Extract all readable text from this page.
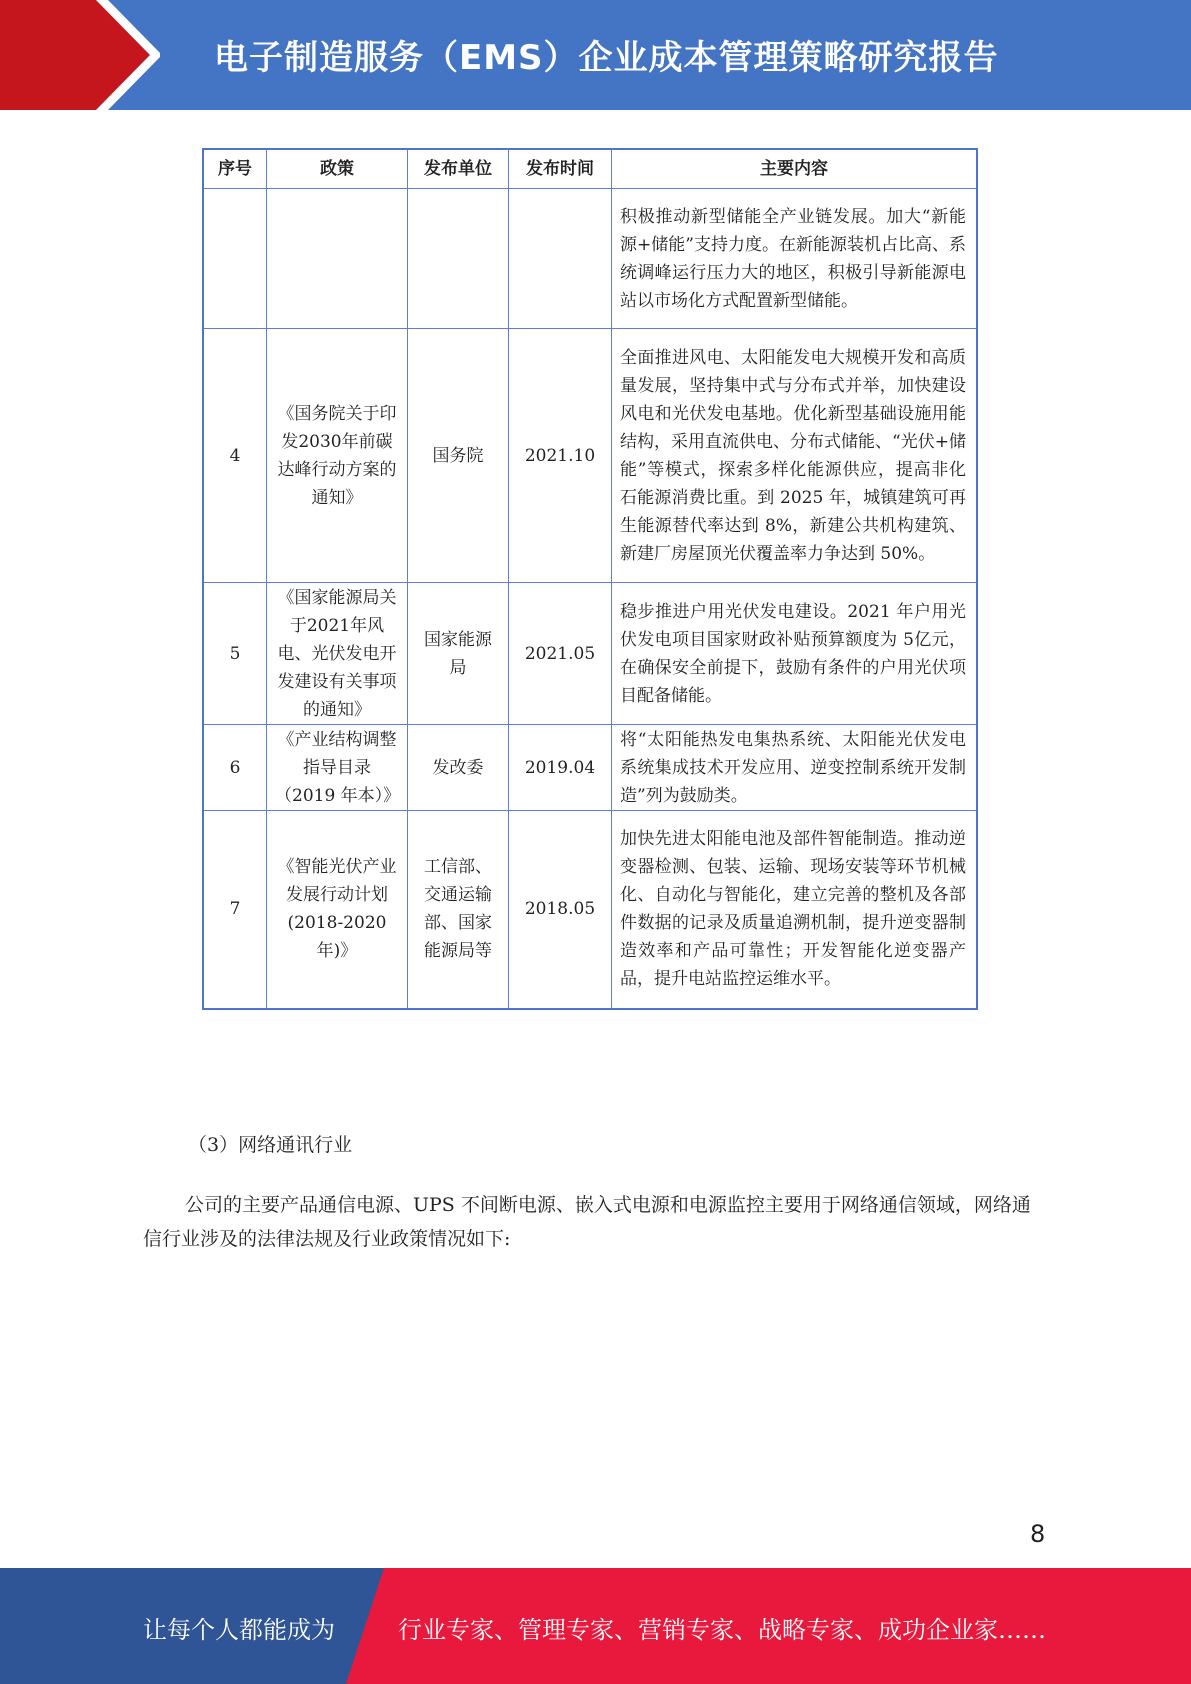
电子制造服务（EMS）企业成本管理策略研究报告
序号	政策	发布单位	发布时间	主要内容
				积极推动新型储能全产业链发展。加大“新能源+储能”支持力度。在新能源装机占比高、系统调峰运行压力大的地区，积极引导新能源电站以市场化方式配置新型储能。
4	《国务院关于印发2030年前碳达峰行动方案的通知》	国务院	2021.10	全面推进风电、太阳能发电大规模开发和高质量发展，坚持集中式与分布式并举，加快建设风电和光伏发电基地。优化新型基础设施用能结构，采用直流供电、分布式储能、“光伏+储能”等模式，探索多样化能源供应，提高非化石能源消费比重。到 2025 年，城镇建筑可再生能源替代率达到 8%，新建公共机构建筑、新建厂房屋顶光伏覆盖率力争达到 50%。
5	《国家能源局关于2021年风电、光伏发电开发建设有关事项的通知》	国家能源局	2021.05	稳步推进户用光伏发电建设。2021 年户用光伏发电项目国家财政补贴预算额度为 5亿元，在确保安全前提下，鼓励有条件的户用光伏项目配备储能。
6	《产业结构调整指导目录（2019 年本）》	发改委	2019.04	将“太阳能热发电集热系统、太阳能光伏发电系统集成技术开发应用、逆变控制系统开发制造”列为鼓励类。
7	《智能光伏产业发展行动计划(2018-2020年)》	工信部、交通运输部、国家能源局等	2018.05	加快先进太阳能电池及部件智能制造。推动逆变器检测、包装、运输、现场安装等环节机械化、自动化与智能化，建立完善的整机及各部件数据的记录及质量追溯机制，提升逆变器制造效率和产品可靠性；开发智能化逆变器产品，提升电站监控运维水平。
（3）网络通讯行业

公司的主要产品通信电源、UPS 不间断电源、嵌入式电源和电源监控主要用于网络通信领域，网络通信行业涉及的法律法规及行业政策情况如下:

8
让每个人都能成为	行业专家、管理专家、营销专家、战略专家、成功企业家……
